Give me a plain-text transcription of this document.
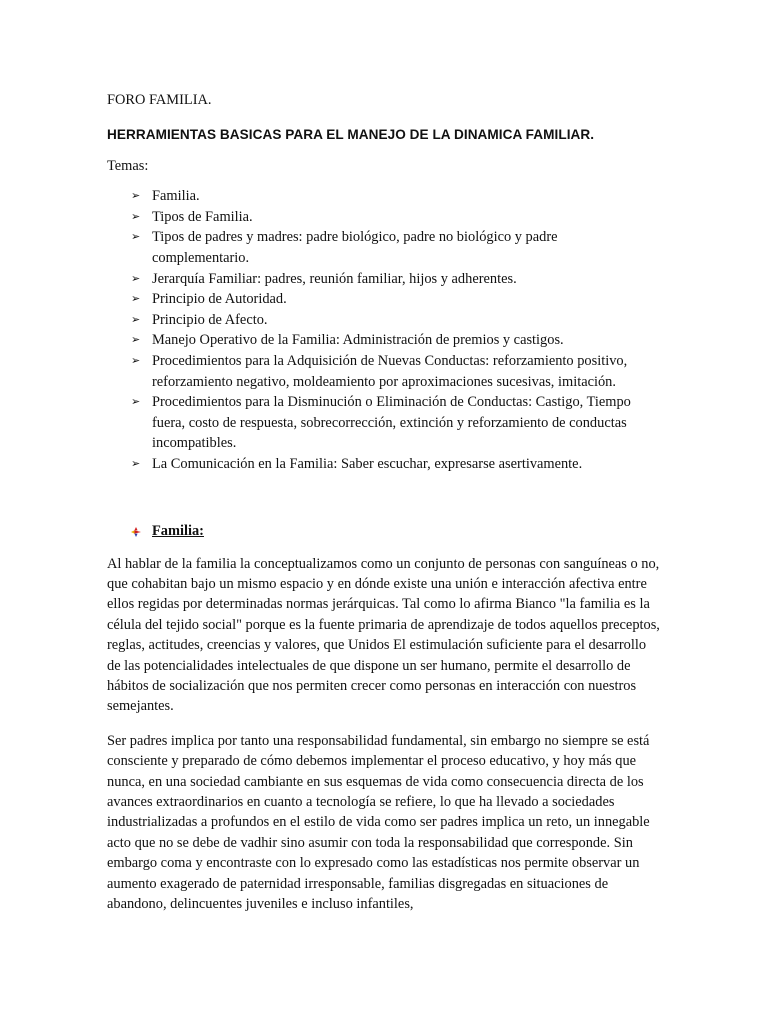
FORO FAMILIA.

HERRAMIENTAS BASICAS PARA EL MANEJO DE LA DINAMICA FAMILIAR.

Temas:

➢ Familia.
➢ Tipos de Familia.
➢ Tipos de padres y madres: padre biológico, padre no biológico y padre complementario.
➢ Jerarquía Familiar: padres, reunión familiar, hijos y adherentes.
➢ Principio de Autoridad.
➢ Principio de Afecto.
➢ Manejo Operativo de la Familia: Administración de premios y castigos.
➢ Procedimientos para la Adquisición de Nuevas Conductas: reforzamiento positivo, reforzamiento negativo, moldeamiento por aproximaciones sucesivas, imitación.
➢ Procedimientos para la Disminución o Eliminación de Conductas: Castigo, Tiempo fuera, costo de respuesta, sobrecorrección, extinción y reforzamiento de conductas incompatibles.
➢ La Comunicación en la Familia: Saber escuchar, expresarse asertivamente.
Familia:

Al hablar de la familia la conceptualizamos como un conjunto de personas con sanguíneas o no, que cohabitan bajo un mismo espacio y en dónde existe una unión e interacción afectiva entre ellos regidas por determinadas normas jerárquicas. Tal como lo afirma Bianco "la familia es la célula del tejido social" porque es la fuente primaria de aprendizaje de todos aquellos preceptos, reglas, actitudes, creencias y valores, que Unidos El estimulación suficiente para el desarrollo de las potencialidades intelectuales de que dispone un ser humano, permite el desarrollo de hábitos de socialización que nos permiten crecer como personas en interacción con nuestros semejantes.

Ser padres implica por tanto una responsabilidad fundamental, sin embargo no siempre se está consciente y preparado de cómo debemos implementar el proceso educativo, y hoy más que nunca, en una sociedad cambiante en sus esquemas de vida como consecuencia directa de los avances extraordinarios en cuanto a tecnología se refiere, lo que ha llevado a sociedades industrializadas a profundos en el estilo de vida como ser padres implica un reto, un innegable acto que no se debe de vadhir sino asumir con toda la responsabilidad que corresponde. Sin embargo coma y encontraste con lo expresado como las estadísticas nos permite observar un aumento exagerado de paternidad irresponsable, familias disgregadas en situaciones de abandono, delincuentes juveniles e incluso infantiles,
